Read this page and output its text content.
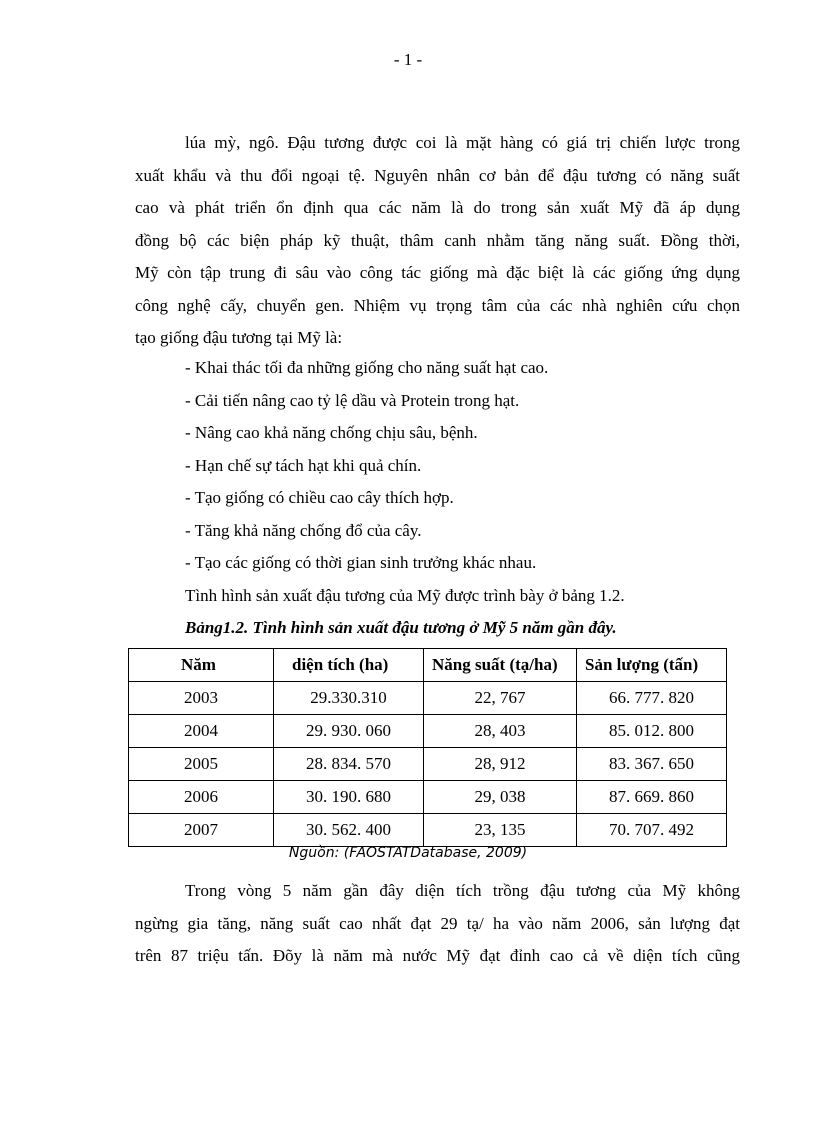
- 1 -

lúa mỳ, ngô. Đậu tương được coi là mặt hàng có giá trị chiến lược trong
xuất khẩu và thu đổi ngoại tệ. Nguyên nhân cơ bản để đậu tương có năng suất
cao và phát triển ổn định qua các năm là do trong sản xuất Mỹ đã áp dụng
đồng bộ các biện pháp kỹ thuật, thâm canh nhằm tăng năng suất. Đồng thời,
Mỹ còn tập trung đi sâu vào công tác giống mà đặc biệt là các giống ứng dụng
công nghệ cấy, chuyển gen. Nhiệm vụ trọng tâm của các nhà nghiên cứu chọn
tạo giống đậu tương tại Mỹ là:

- Khai thác tối đa những giống cho năng suất hạt cao.
- Cải tiến nâng cao tỷ lệ dầu và Protein trong hạt.
- Nâng cao khả năng chống chịu sâu, bệnh.
- Hạn chế sự tách hạt khi quả chín.
- Tạo giống có chiều cao cây thích hợp.
- Tăng khả năng chống đổ của cây.
- Tạo các giống có thời gian sinh trưởng khác nhau.
Tình hình sản xuất đậu tương của Mỹ được trình bày ở bảng 1.2.
Bảng1.2. Tình hình sản xuất đậu tương ở Mỹ 5 năm gần đây.
Năm	diện tích (ha)	Năng suất (tạ/ha)	Sản lượng (tấn)
2003	29.330.310	22, 767	66. 777. 820
2004	29. 930. 060	28, 403	85. 012. 800
2005	28. 834. 570	28, 912	83. 367. 650
2006	30. 190. 680	29, 038	87. 669. 860
2007	30. 562. 400	23, 135	70. 707. 492
Nguồn: (FAOSTATDatabase, 2009)

Trong vòng 5 năm gần đây diện tích trồng đậu tương của Mỹ không
ngừng gia tăng, năng suất cao nhất đạt 29 tạ/ ha vào năm 2006, sản lượng đạt
trên 87 triệu tấn. Đõy là năm mà nước Mỹ đạt đỉnh cao cả về diện tích cũng
